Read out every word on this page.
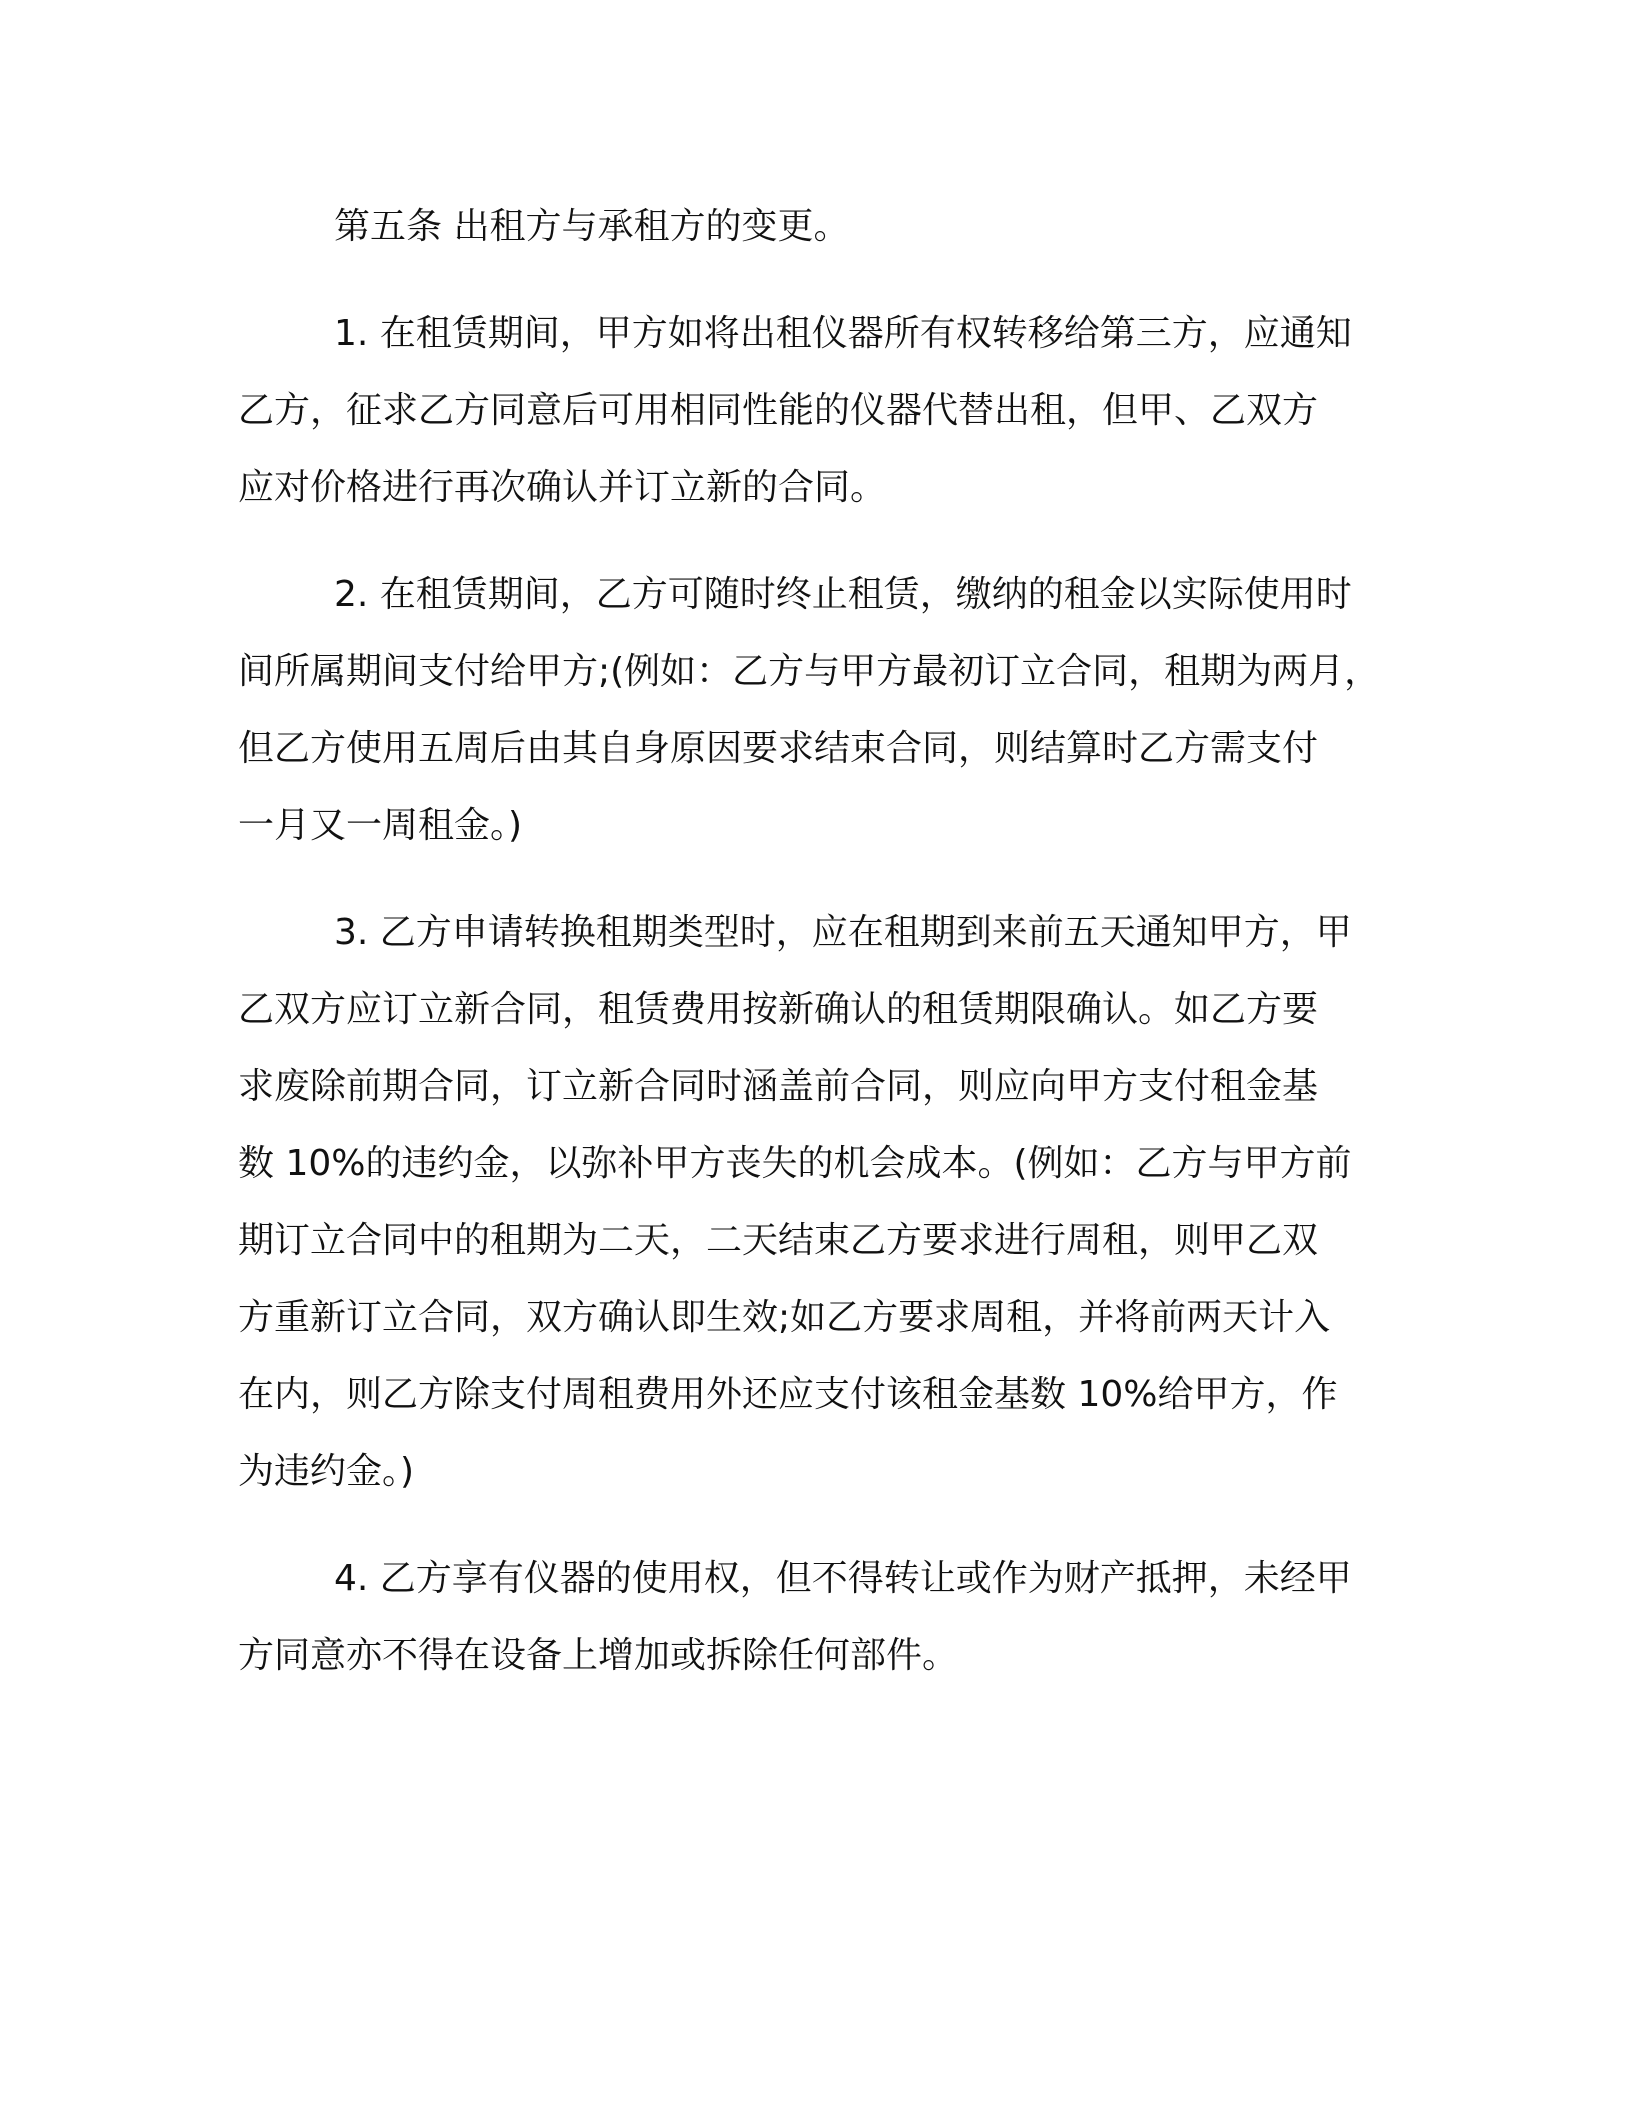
第五条 出租方与承租方的变更。
1. 在租赁期间，甲方如将出租仪器所有权转移给第三方，应通知
乙方，征求乙方同意后可用相同性能的仪器代替出租，但甲、乙双方
应对价格进行再次确认并订立新的合同。
2. 在租赁期间，乙方可随时终止租赁，缴纳的租金以实际使用时
间所属期间支付给甲方;(例如：乙方与甲方最初订立合同，租期为两月，
但乙方使用五周后由其自身原因要求结束合同，则结算时乙方需支付
一月又一周租金。)
3. 乙方申请转换租期类型时，应在租期到来前五天通知甲方，甲
乙双方应订立新合同，租赁费用按新确认的租赁期限确认。如乙方要
求废除前期合同，订立新合同时涵盖前合同，则应向甲方支付租金基
数 10%的违约金，以弥补甲方丧失的机会成本。(例如：乙方与甲方前
期订立合同中的租期为二天，二天结束乙方要求进行周租，则甲乙双
方重新订立合同，双方确认即生效;如乙方要求周租，并将前两天计入
在内，则乙方除支付周租费用外还应支付该租金基数 10%给甲方，作
为违约金。)
4. 乙方享有仪器的使用权，但不得转让或作为财产抵押，未经甲
方同意亦不得在设备上增加或拆除任何部件。
